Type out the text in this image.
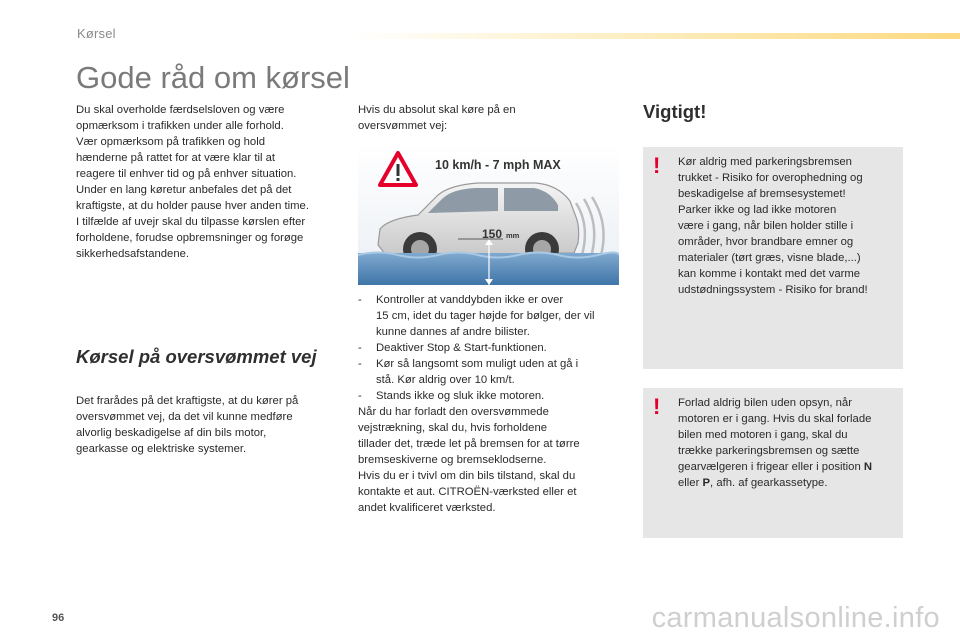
Kørsel
Gode råd om kørsel

Du skal overholde færdselsloven og være
opmærksom i trafikken under alle forhold.
Vær opmærksom på trafikken og hold
hænderne på rattet for at være klar til at
reagere til enhver tid og på enhver situation.
Under en lang køretur anbefales det på det
kraftigste, at du holder pause hver anden time.
I tilfælde af uvejr skal du tilpasse kørslen efter
forholdene, forudse opbremsninger og forøge
sikkerhedsafstandene.

Kørsel på oversvømmet vej

Det frarådes på det kraftigste, at du kører på
oversvømmet vej, da det vil kunne medføre
alvorlig beskadigelse af din bils motor,
gearkasse og elektriske systemer.

Hvis du absolut skal køre på en
oversvømmet vej:

10 km/h - 7 mph MAX
150 mm
- Kontroller at vanddybden ikke er over
15 cm, idet du tager højde for bølger, der vil
kunne dannes af andre bilister.
- Deaktiver Stop & Start-funktionen.
- Kør så langsomt som muligt uden at gå i
stå. Kør aldrig over 10 km/t.
- Stands ikke og sluk ikke motoren.

Når du har forladt den oversvømmede
vejstrækning, skal du, hvis forholdene
tillader det, træde let på bremsen for at tørre
bremseskiverne og bremseklodserne.
Hvis du er i tvivl om din bils tilstand, skal du
kontakte et aut. CITROËN-værksted eller et
andet kvalificeret værksted.

Vigtigt!
! Kør aldrig med parkeringsbremsen
trukket - Risiko for overophedning og
beskadigelse af bremsesystemet!
Parker ikke og lad ikke motoren
være i gang, når bilen holder stille i
områder, hvor brandbare emner og
materialer (tørt græs, visne blade,...)
kan komme i kontakt med det varme
udstødningssystem - Risiko for brand!

! Forlad aldrig bilen uden opsyn, når
motoren er i gang. Hvis du skal forlade
bilen med motoren i gang, skal du
trække parkeringsbremsen og sætte
gearvælgeren i frigear eller i position N
eller P, afh. af gearkassetype.

96	carmanualsonline.info
